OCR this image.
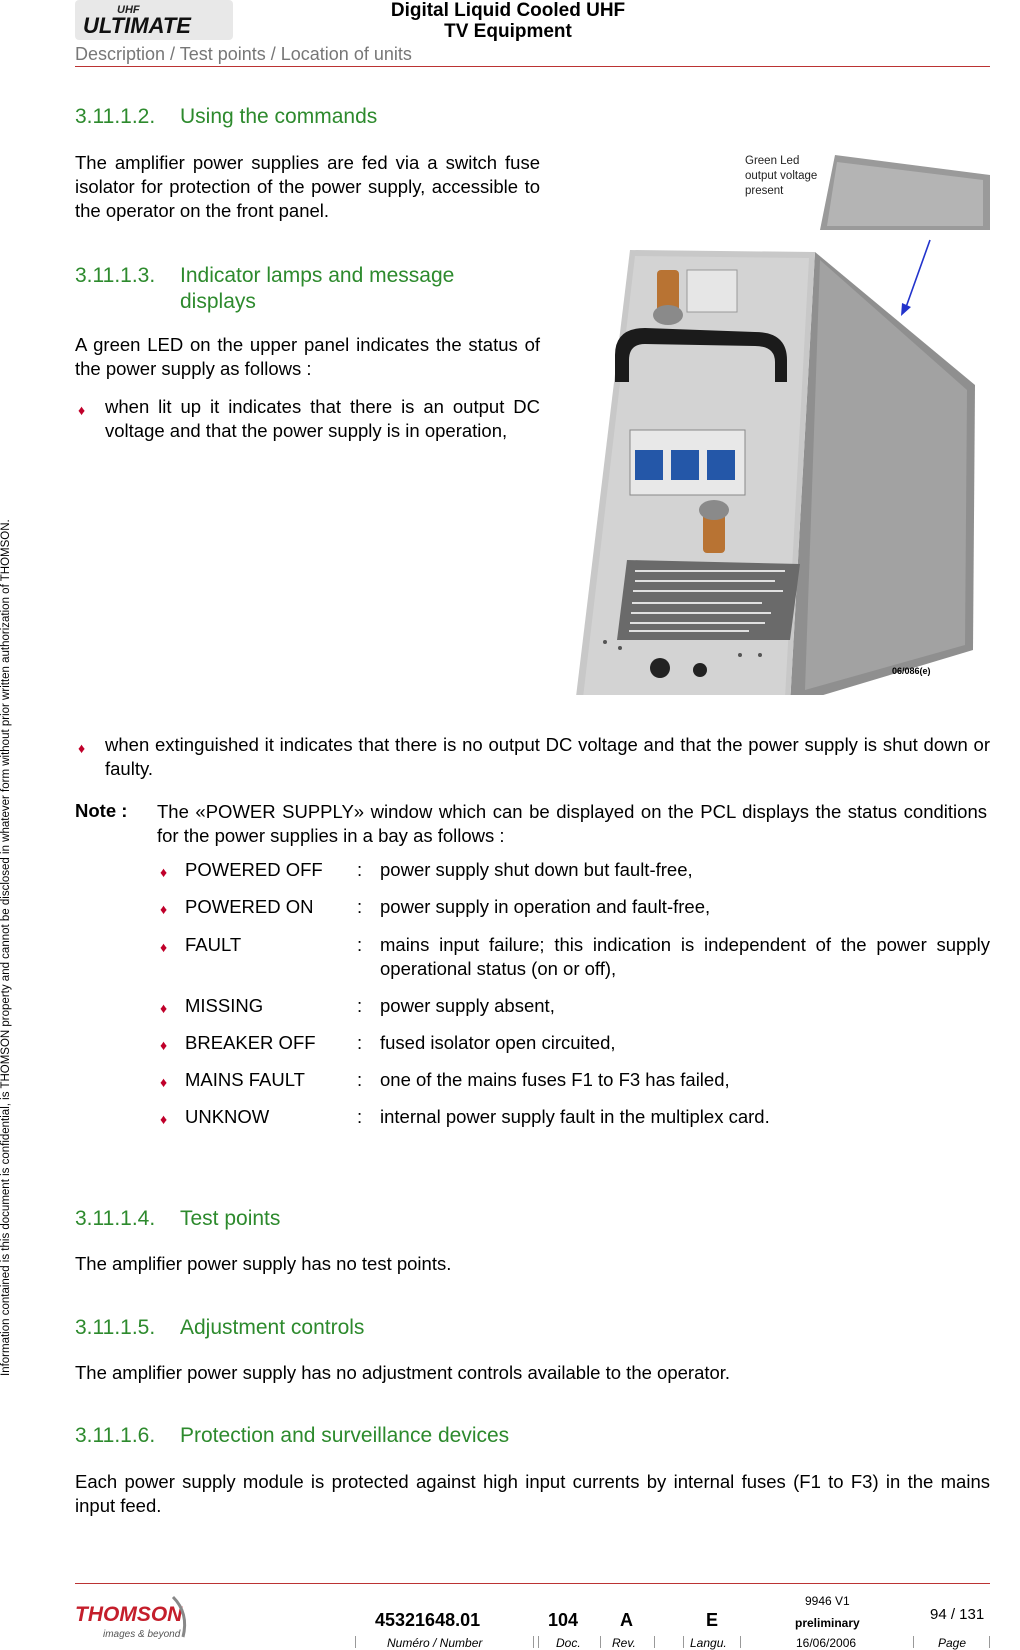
UHF
ULTIMATE
Digital Liquid Cooled UHF
TV Equipment
Description / Test points / Location of units
Information contained is this document is confidential, is THOMSON property and cannot be disclosed in whatever form without prior written authorization of THOMSON.
3.11.1.2. Using the commands
The amplifier power supplies are fed via a switch fuse isolator for protection of the power supply, accessible to the operator on the front panel.
3.11.1.3. Indicator lamps and message
displays
A green LED on the upper panel indicates the status of the power supply as follows :
♦ when lit up it indicates that there is an output DC voltage and that the power supply is in operation,
Green Led
output voltage
present
06/086(e)
♦ when extinguished it indicates that there is no output DC voltage and that the power supply is shut down or faulty.
Note : The «POWER SUPPLY» window which can be displayed on the PCL displays the status conditions for the power supplies in a bay as follows :
♦ POWERED OFF : power supply shut down but fault-free,
♦ POWERED ON : power supply in operation and fault-free,
♦ FAULT	: mains input failure; this indication is independent of the power supply operational status (on or off),
♦ MISSING	: power supply absent,
♦ BREAKER OFF : fused isolator open circuited,
♦ MAINS FAULT	: one of the mains fuses F1 to F3 has failed,
♦ UNKNOW	: internal power supply fault in the multiplex card.
3.11.1.4. Test points
The amplifier power supply has no test points.
3.11.1.5. Adjustment controls
The amplifier power supply has no adjustment controls available to the operator.
3.11.1.6. Protection and surveillance devices
Each power supply module is protected against high input currents by internal fuses (F1 to F3) in the mains input feed.
THOMSON
images & beyond
45321648.01	104 A	E
9946 V1
preliminary	94 / 131
Numéro / Number	Doc.	Rev.	Langu.	16/06/2006	Page
